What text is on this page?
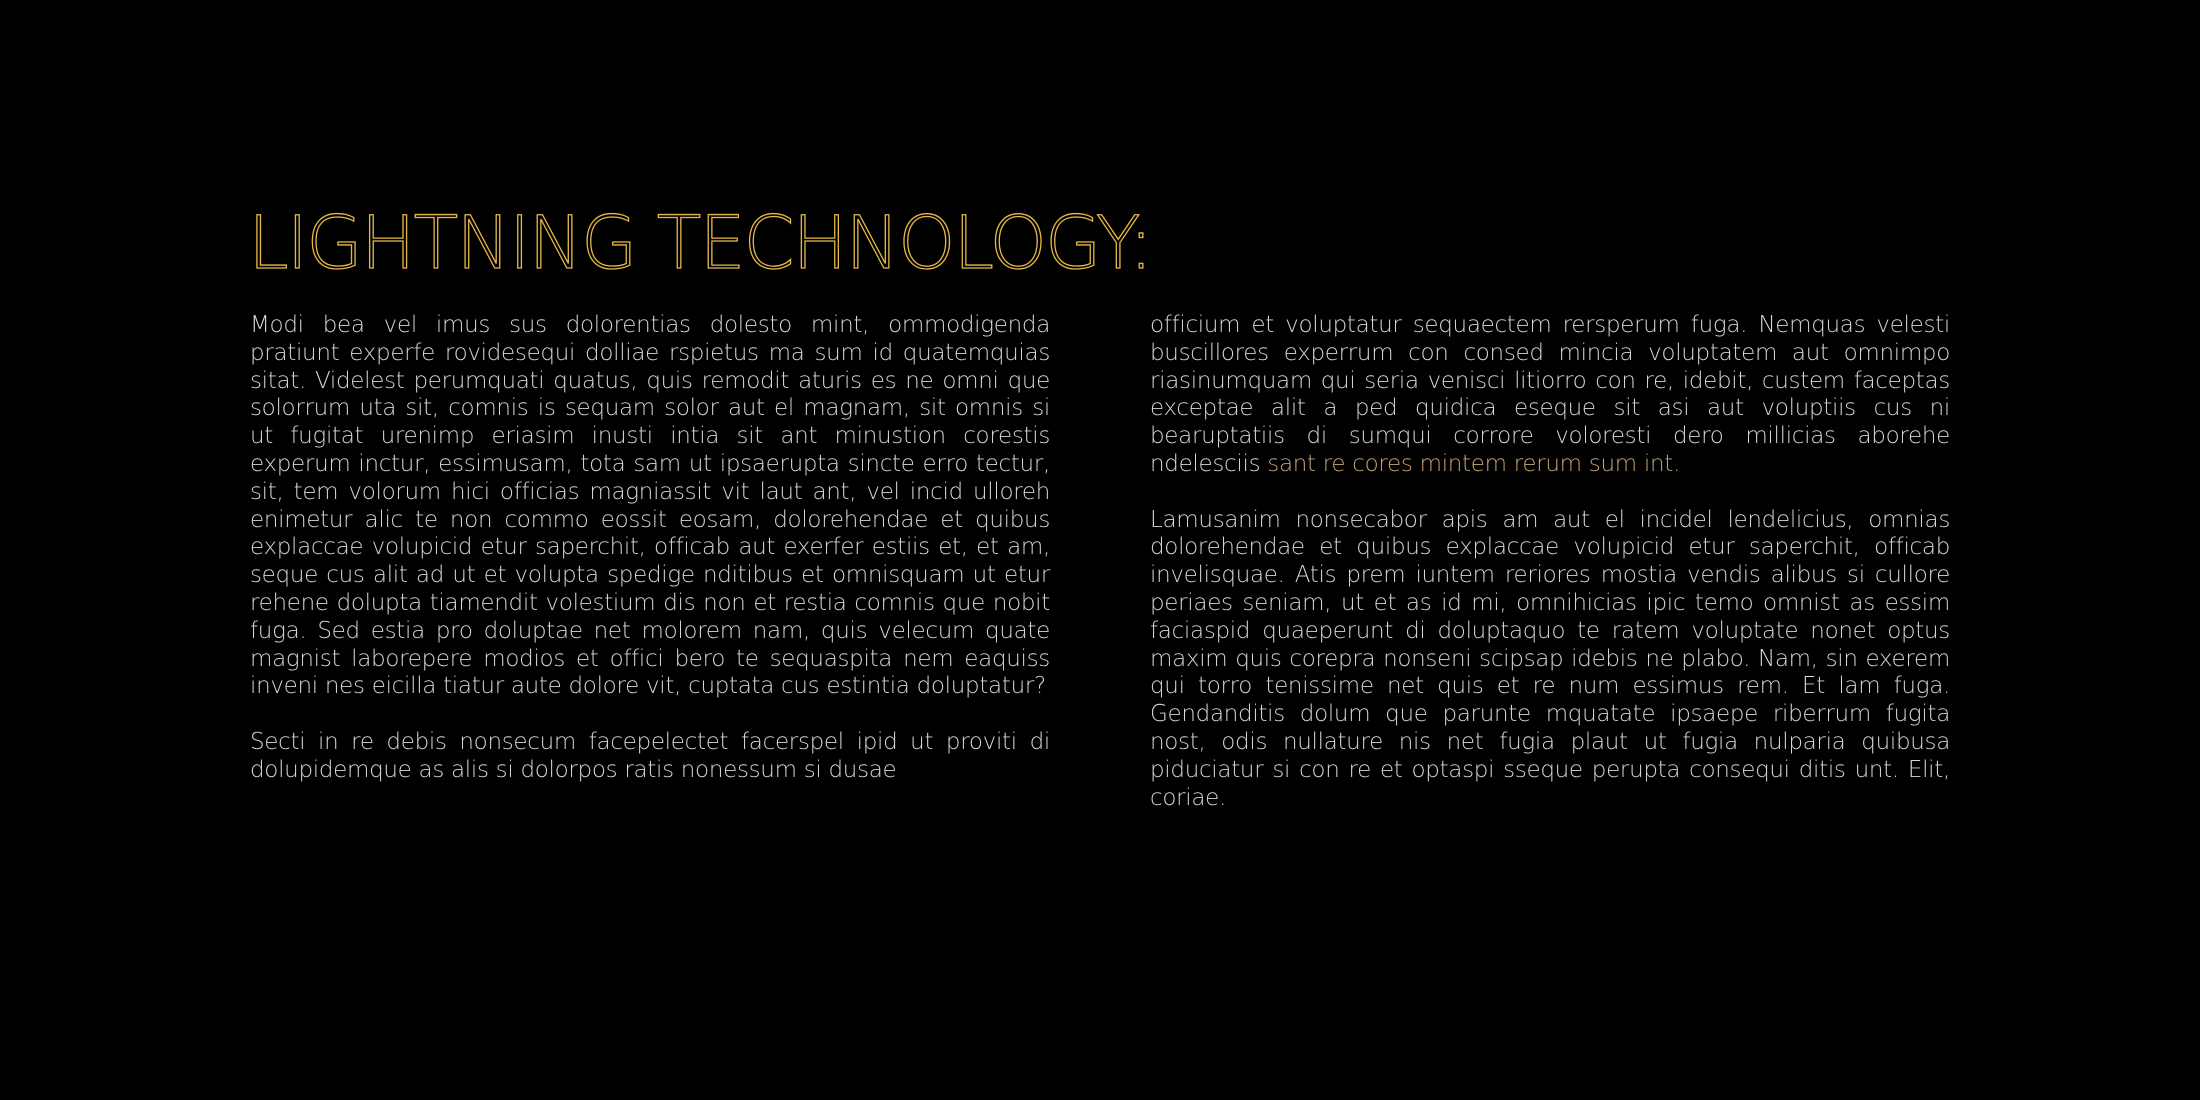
LIGHTNING TECHNOLOGY:

Modi bea vel imus sus dolorentias dolesto mint, ommodigenda pratiunt experfe rovidesequi dolliae rspietus ma sum id quatemquias sitat. Videlest perumquati quatus, quis remodit aturis es ne omni que solorrum uta sit, comnis is sequam solor aut el magnam, sit omnis si ut fugitat urenimp eriasim inusti intia sit ant minustion corestis experum inctur, essimusam, tota sam ut ipsaerupta sincte erro tectur, sit, tem volorum hici officias magniassit vit laut ant, vel incid ulloreh enimetur alic te non commo eossit eosam, dolorehendae et quibus explaccae volupicid etur saperchit, officab aut exerfer estiis et, et am, seque cus alit ad ut et volupta spedige nditibus et omnisquam ut etur rehene dolupta tiamendit volestium dis non et restia comnis que nobit fuga. Sed estia pro doluptae net molorem nam, quis velecum quate magnist laborepere modios et offici bero te sequaspita nem eaquiss inveni nes eicilla tiatur aute dolore vit, cuptata cus estintia doluptatur?

Secti in re debis nonsecum facepelectet facerspel ipid ut proviti di dolupidemque as alis si dolorpos ratis nonessum si dusae

officium et voluptatur sequaectem rersperum fuga. Nemquas velesti buscillores experrum con consed mincia voluptatem aut omnimpo riasinumquam qui seria venisci litiorro con re, idebit, custem faceptas exceptae alit a ped quidica eseque sit asi aut voluptiis cus ni bearuptatiis di sumqui corrore voloresti dero millicias aborehe ndelesciis sant re cores mintem rerum sum int.

Lamusanim nonsecabor apis am aut el incidel lendelicius, omnias dolorehendae et quibus explaccae volupicid etur saperchit, officab invelisquae. Atis prem iuntem reriores mostia vendis alibus si cullore periaes seniam, ut et as id mi, omnihicias ipic temo omnist as essim faciaspid quaeperunt di doluptaquo te ratem voluptate nonet optus maxim quis corepra nonseni scipsap idebis ne plabo. Nam, sin exerem qui torro tenissime net quis et re num essimus rem. Et lam fuga. Gendanditis dolum que parunte mquatate ipsaepe riberrum fugita nost, odis nullature nis net fugia plaut ut fugia nulparia quibusa piduciatur si con re et optaspi sseque perupta consequi ditis unt. Elit, coriae.
